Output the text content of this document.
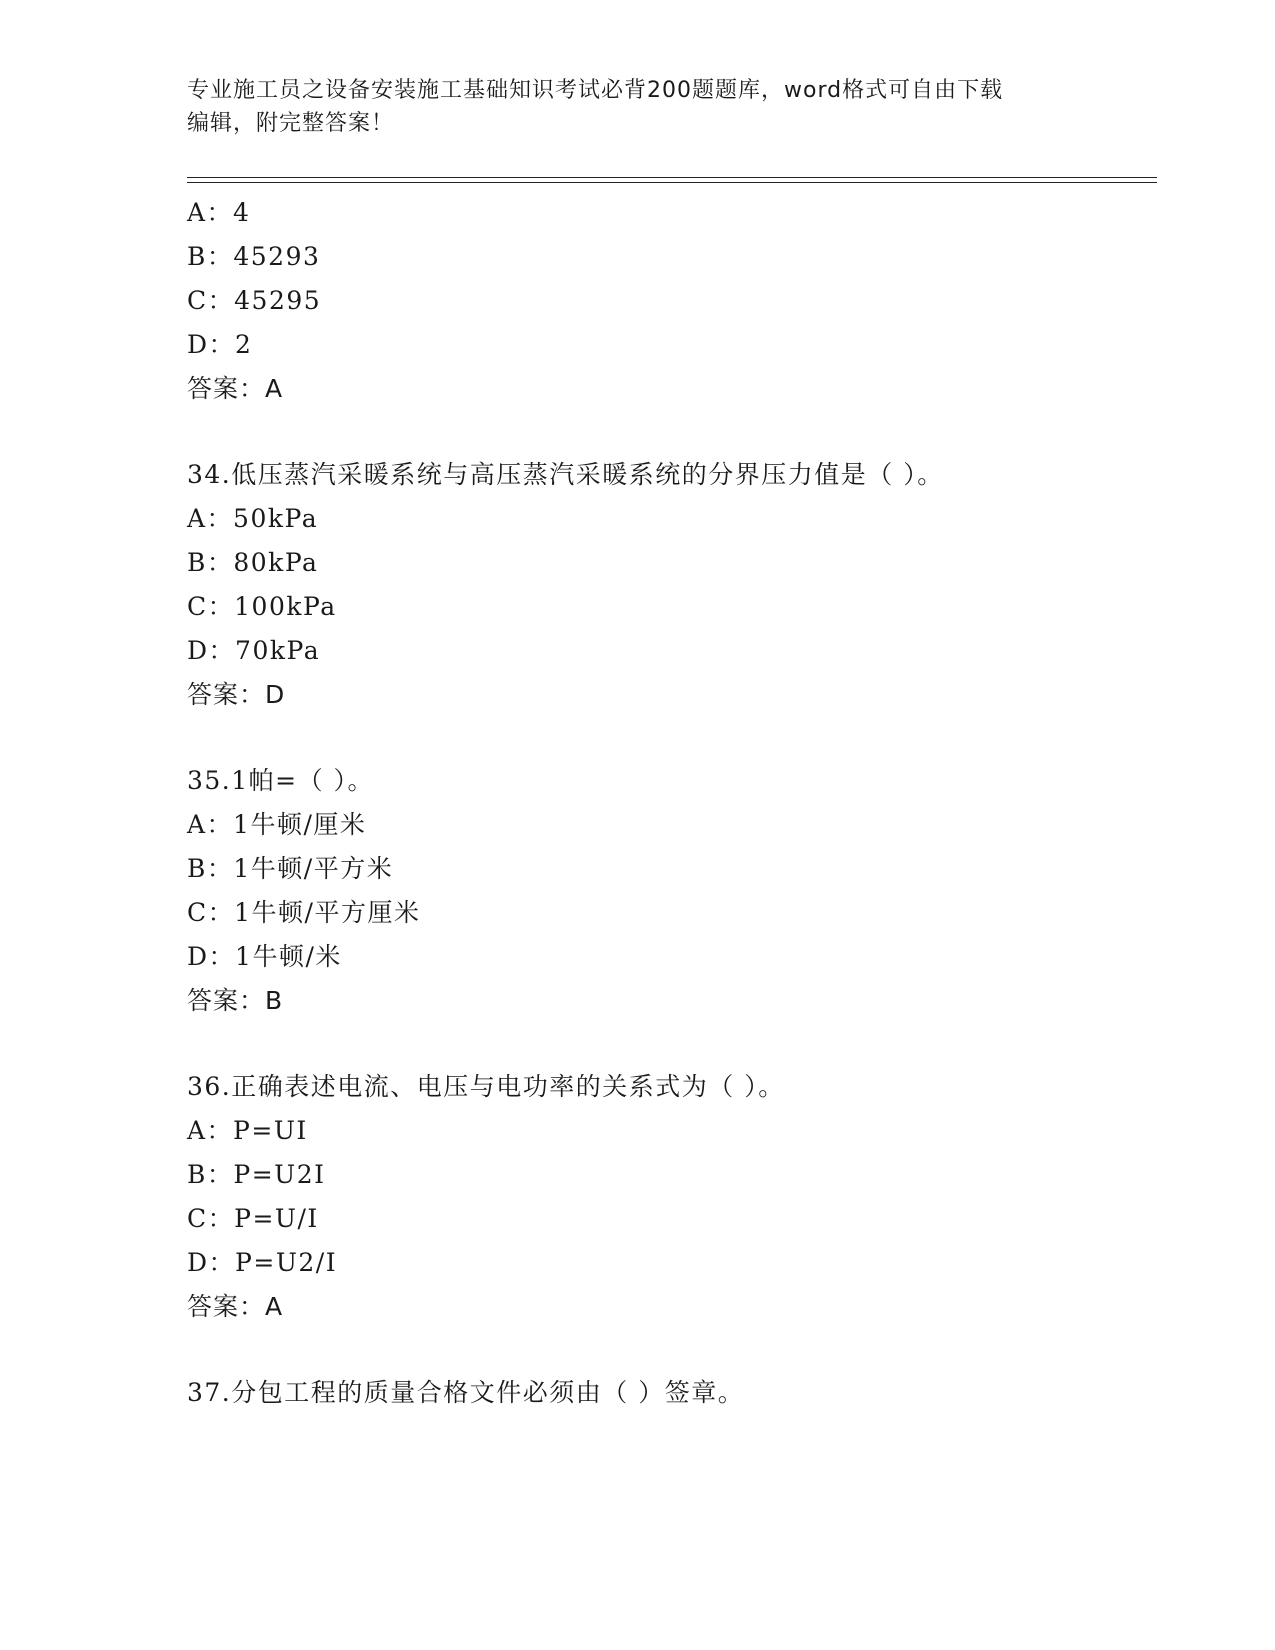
专业施工员之设备安装施工基础知识考试必背200题题库，word格式可自由下载
编辑，附完整答案！
A：4
B：45293
C：45295
D：2
答案：A
34.低压蒸汽采暖系统与高压蒸汽采暖系统的分界压力值是（ ）。
A：50kPa
B：80kPa
C：100kPa
D：70kPa
答案：D
35.1帕=（ ）。
A：1牛顿/厘米
B：1牛顿/平方米
C：1牛顿/平方厘米
D：1牛顿/米
答案：B
36.正确表述电流、电压与电功率的关系式为（ ）。
A：P=UI
B：P=U2I
C：P=U/I
D：P=U2/I
答案：A
37.分包工程的质量合格文件必须由（ ）签章。
